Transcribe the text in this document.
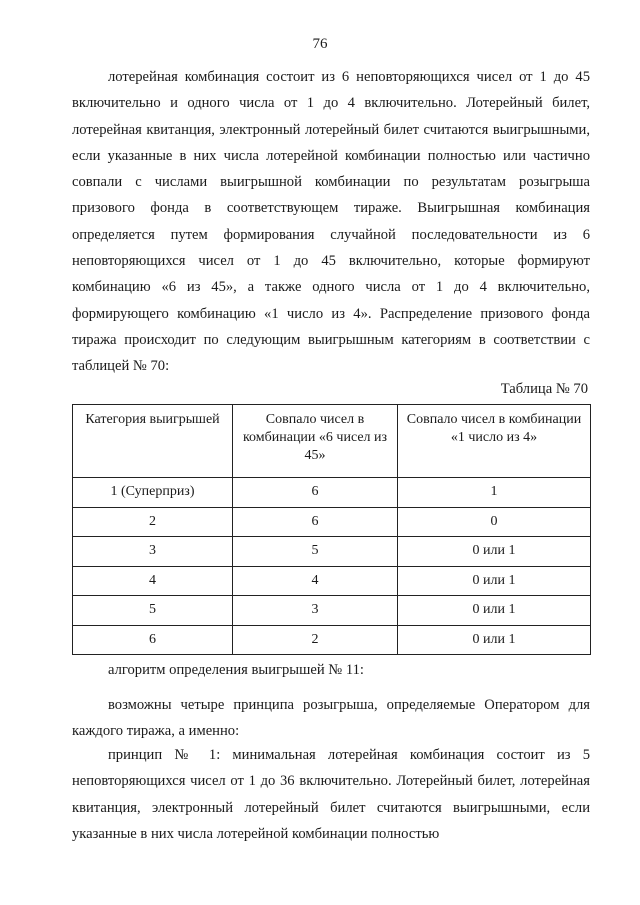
76

лотерейная комбинация состоит из 6 неповторяющихся чисел от 1 до 45 включительно и одного числа от 1 до 4 включительно. Лотерейный билет, лотерейная квитанция, электронный лотерейный билет считаются выигрышными, если указанные в них числа лотерейной комбинации полностью или частично совпали с числами выигрышной комбинации по результатам розыгрыша призового фонда в соответствующем тираже. Выигрышная комбинация определяется путем формирования случайной последовательности из 6 неповторяющихся чисел от 1 до 45 включительно, которые формируют комбинацию «6 из 45», а также одного числа от 1 до 4 включительно, формирующего комбинацию «1 число из 4». Распределение призового фонда тиража происходит по следующим выигрышным категориям в соответствии с таблицей № 70:

Таблица № 70
Категория выигрышей	Совпало чисел в комбинации «6 чисел из 45»	Совпало чисел в комбинации «1 число из 4»
1 (Суперприз)	6	1
2	6	0
3	5	0 или 1
4	4	0 или 1
5	3	0 или 1
6	2	0 или 1

алгоритм определения выигрышей № 11:

возможны четыре принципа розыгрыша, определяемые Оператором для каждого тиража, а именно:

принцип № 1: минимальная лотерейная комбинация состоит из 5 неповторяющихся чисел от 1 до 36 включительно. Лотерейный билет, лотерейная квитанция, электронный лотерейный билет считаются выигрышными, если указанные в них числа лотерейной комбинации полностью
